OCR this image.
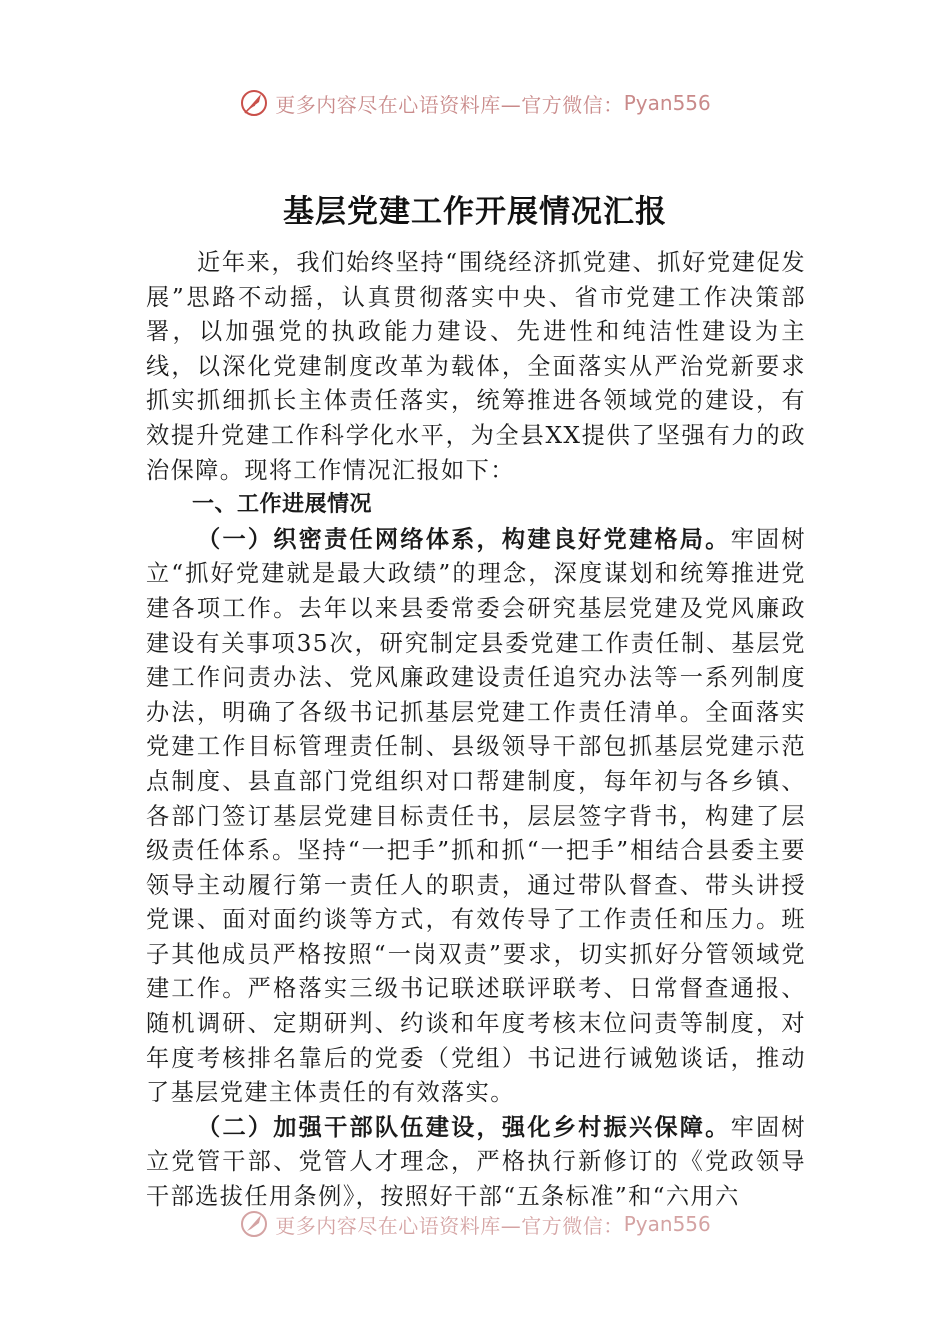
更多内容尽在心语资料库—官方微信： Pyan556
基层党建工作开展情况汇报

近年来，我们始终坚持“围绕经济抓党建、抓好党建促发展”思路不动摇，认真贯彻落实中央、省市党建工作决策部署，以加强党的执政能力建设、先进性和纯洁性建设为主线，以深化党建制度改革为载体，全面落实从严治党新要求抓实抓细抓长主体责任落实，统筹推进各领域党的建设，有效提升党建工作科学化水平，为全县XX提供了坚强有力的政治保障。现将工作情况汇报如下：

一、工作进展情况

（一）织密责任网络体系，构建良好党建格局。牢固树立“抓好党建就是最大政绩”的理念，深度谋划和统筹推进党建各项工作。去年以来县委常委会研究基层党建及党风廉政建设有关事项35次，研究制定县委党建工作责任制、基层党建工作问责办法、党风廉政建设责任追究办法等一系列制度办法，明确了各级书记抓基层党建工作责任清单。全面落实党建工作目标管理责任制、县级领导干部包抓基层党建示范点制度、县直部门党组织对口帮建制度，每年初与各乡镇、各部门签订基层党建目标责任书，层层签字背书，构建了层级责任体系。坚持“一把手”抓和抓“一把手”相结合县委主要领导主动履行第一责任人的职责，通过带队督查、带头讲授党课、面对面约谈等方式，有效传导了工作责任和压力。班子其他成员严格按照“一岗双责”要求，切实抓好分管领域党建工作。严格落实三级书记联述联评联考、日常督查通报、随机调研、定期研判、约谈和年度考核末位问责等制度，对年度考核排名靠后的党委（党组）书记进行诫勉谈话，推动了基层党建主体责任的有效落实。

（二）加强干部队伍建设，强化乡村振兴保障。牢固树立党管干部、党管人才理念，严格执行新修订的《党政领导干部选拔任用条例》，按照好干部“五条标准”和“六用六

更多内容尽在心语资料库—官方微信： Pyan556
